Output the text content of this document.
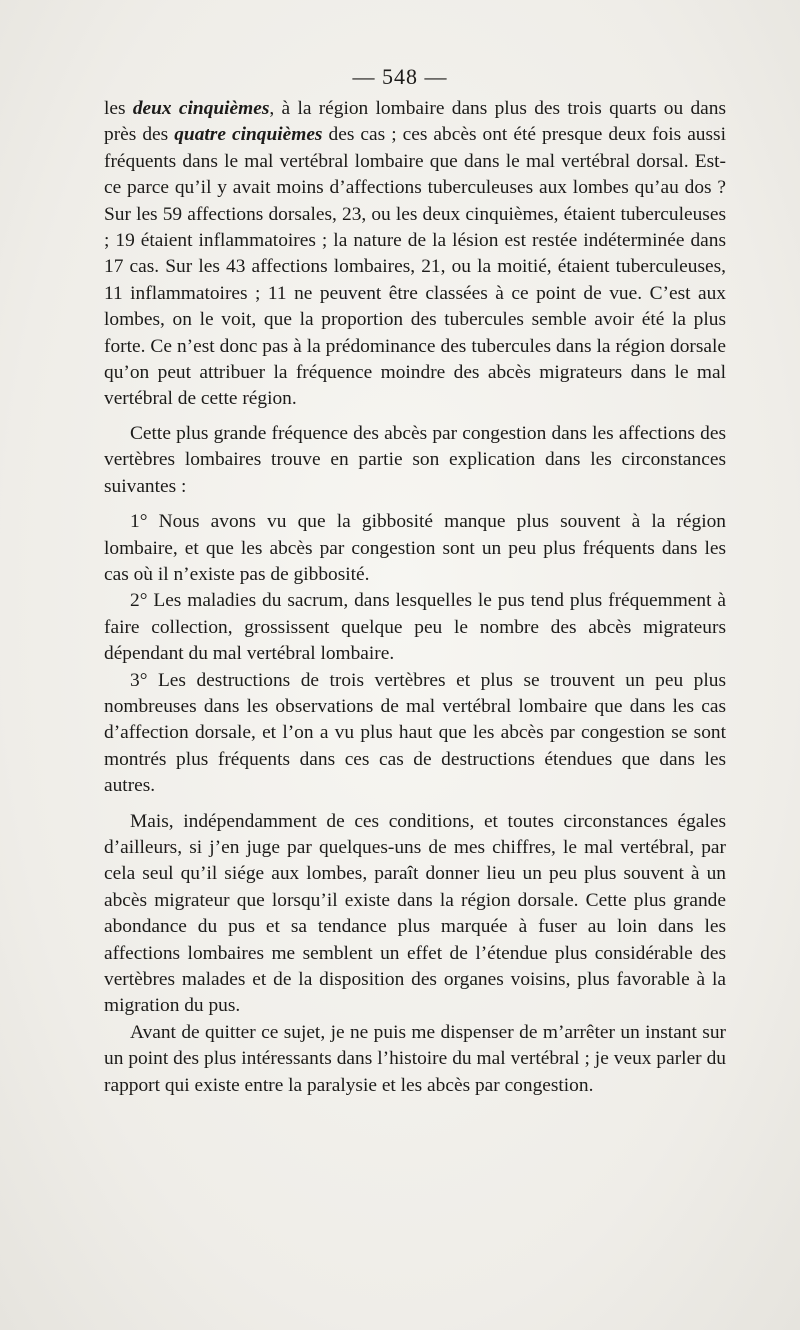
— 548 —

les deux cinquièmes, à la région lombaire dans plus des trois quarts ou dans près des quatre cinquièmes des cas ; ces abcès ont été presque deux fois aussi fréquents dans le mal vertébral lombaire que dans le mal vertébral dorsal. Est-ce parce qu’il y avait moins d’affections tuberculeuses aux lombes qu’au dos ? Sur les 59 affections dorsales, 23, ou les deux cinquièmes, étaient tuberculeuses ; 19 étaient inflammatoires ; la nature de la lésion est restée indéterminée dans 17 cas. Sur les 43 affections lombaires, 21, ou la moitié, étaient tuberculeuses, 11 inflammatoires ; 11 ne peuvent être classées à ce point de vue. C’est aux lombes, on le voit, que la proportion des tubercules semble avoir été la plus forte. Ce n’est donc pas à la prédominance des tubercules dans la région dorsale qu’on peut attribuer la fréquence moindre des abcès migrateurs dans le mal vertébral de cette région.

Cette plus grande fréquence des abcès par congestion dans les affections des vertèbres lombaires trouve en partie son explication dans les circonstances suivantes :

1° Nous avons vu que la gibbosité manque plus souvent à la région lombaire, et que les abcès par congestion sont un peu plus fréquents dans les cas où il n’existe pas de gibbosité.

2° Les maladies du sacrum, dans lesquelles le pus tend plus fréquemment à faire collection, grossissent quelque peu le nombre des abcès migrateurs dépendant du mal vertébral lombaire.

3° Les destructions de trois vertèbres et plus se trouvent un peu plus nombreuses dans les observations de mal vertébral lombaire que dans les cas d’affection dorsale, et l’on a vu plus haut que les abcès par congestion se sont montrés plus fréquents dans ces cas de destructions étendues que dans les autres.

Mais, indépendamment de ces conditions, et toutes circonstances égales d’ailleurs, si j’en juge par quelques-uns de mes chiffres, le mal vertébral, par cela seul qu’il siége aux lombes, paraît donner lieu un peu plus souvent à un abcès migrateur que lorsqu’il existe dans la région dorsale. Cette plus grande abondance du pus et sa tendance plus marquée à fuser au loin dans les affections lombaires me semblent un effet de l’étendue plus considérable des vertèbres malades et de la disposition des organes voisins, plus favorable à la migration du pus.

Avant de quitter ce sujet, je ne puis me dispenser de m’arrêter un instant sur un point des plus intéressants dans l’histoire du mal vertébral ; je veux parler du rapport qui existe entre la paralysie et les abcès par congestion.
